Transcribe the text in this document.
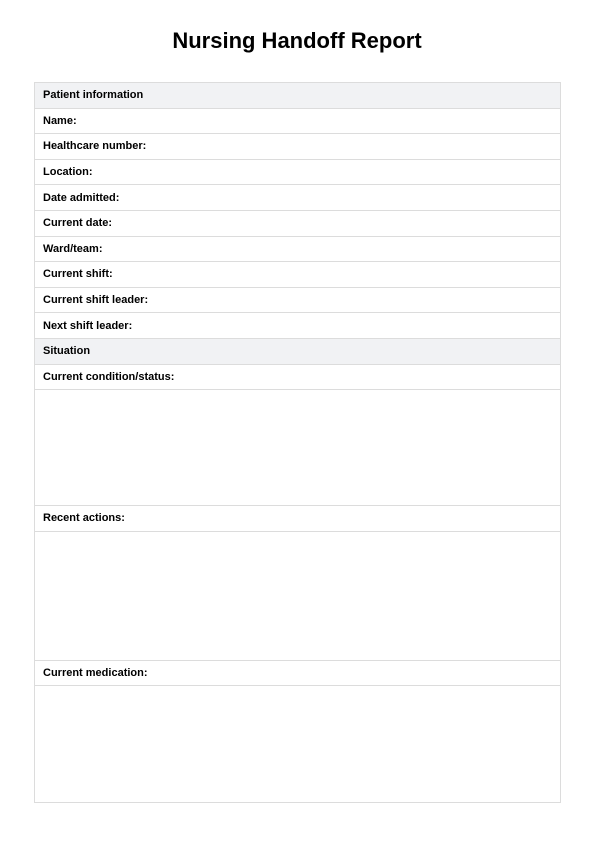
Nursing Handoff Report
Patient information
Name:
Healthcare number:
Location:
Date admitted:
Current date:
Ward/team:
Current shift:
Current shift leader:
Next shift leader:
Situation
Current condition/status:
Recent actions:
Current medication:
